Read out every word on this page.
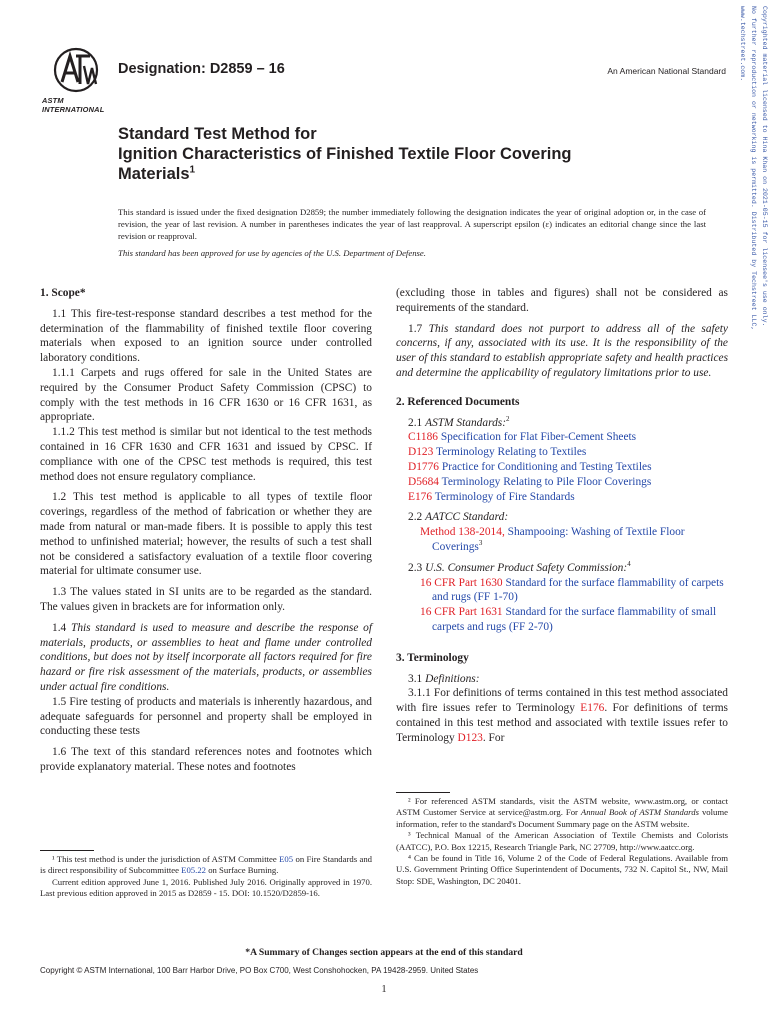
ASTM INTERNATIONAL
Designation: D2859 – 16	An American National Standard
Standard Test Method for
Ignition Characteristics of Finished Textile Floor Covering
Materials$^1$
This standard is issued under the fixed designation D2859; the number immediately following the designation indicates the year of original adoption or, in the case of revision, the year of last revision. A number in parentheses indicates the year of last reapproval. A superscript epsilon (ε) indicates an editorial change since the last revision or reapproval.
This standard has been approved for use by agencies of the U.S. Department of Defense.	Copyrighted material licensed to Hina Khan on 2021-05-15 for licensee's use only.
No further reproduction or networking is permitted. Distributed by Techstreet LLC, www.techstreet.com.

1. Scope*

1.1 This fire-test-response standard describes a test method for the determination of the flammability of finished textile floor covering materials when exposed to an ignition source under controlled laboratory conditions.

1.1.1 Carpets and rugs offered for sale in the United States are required by the Consumer Product Safety Commission (CPSC) to comply with the test methods in 16 CFR 1630 or 16 CFR 1631, as appropriate.

1.1.2 This test method is similar but not identical to the test methods contained in 16 CFR 1630 and CFR 1631 and issued by CPSC. If compliance with one of the CPSC test methods is required, this test method does not ensure regulatory compliance.

1.2 This test method is applicable to all types of textile floor coverings, regardless of the method of fabrication or whether they are made from natural or man-made fibers. It is possible to apply this test method to unfinished material; however, the results of such a test shall not be considered a satisfactory evaluation of a textile floor covering material for ultimate consumer use.

1.3 The values stated in SI units are to be regarded as the standard. The values given in brackets are for information only.

1.4 This standard is used to measure and describe the response of materials, products, or assemblies to heat and flame under controlled conditions, but does not by itself incorporate all factors required for fire hazard or fire risk assessment of the materials, products, or assemblies under actual fire conditions.

1.5 Fire testing of products and materials is inherently hazardous, and adequate safeguards for personnel and property shall be employed in conducting these tests

1.6 The text of this standard references notes and footnotes which provide explanatory material. These notes and footnotes

¹ This test method is under the jurisdiction of ASTM Committee E05 on Fire Standards and is direct responsibility of Subcommittee E05.22 on Surface Burning.

Current edition approved June 1, 2016. Published July 2016. Originally approved in 1970. Last previous edition approved in 2015 as D2859 - 15. DOI: 10.1520/D2859-16.

(excluding those in tables and figures) shall not be considered as requirements of the standard.

1.7 This standard does not purport to address all of the safety concerns, if any, associated with its use. It is the responsibility of the user of this standard to establish appropriate safety and health practices and determine the applicability of regulatory limitations prior to use.

2. Referenced Documents

2.1 ASTM Standards:$^2$

C1186 Specification for Flat Fiber-Cement Sheets

D123 Terminology Relating to Textiles

D1776 Practice for Conditioning and Testing Textiles

D5684 Terminology Relating to Pile Floor Coverings

E176 Terminology of Fire Standards

2.2 AATCC Standard:

Method 138-2014, Shampooing: Washing of Textile Floor Coverings$^3$

2.3 U.S. Consumer Product Safety Commission:$^4$

16 CFR Part 1630 Standard for the surface flammability of carpets and rugs (FF 1-70)

16 CFR Part 1631 Standard for the surface flammability of small carpets and rugs (FF 2-70)

3. Terminology

3.1 Definitions:

3.1.1 For definitions of terms contained in this test method associated with fire issues refer to Terminology E176. For definitions of terms contained in this test method and associated with textile issues refer to Terminology D123. For

² For referenced ASTM standards, visit the ASTM website, www.astm.org, or contact ASTM Customer Service at service@astm.org. For Annual Book of ASTM Standards volume information, refer to the standard's Document Summary page on the ASTM website.

³ Technical Manual of the American Association of Textile Chemists and Colorists (AATCC), P.O. Box 12215, Research Triangle Park, NC 27709, http://www.aatcc.org.

⁴ Can be found in Title 16, Volume 2 of the Code of Federal Regulations. Available from U.S. Government Printing Office Superintendent of Documents, 732 N. Capitol St., NW, Mail Stop: SDE, Washington, DC 20401.

*A Summary of Changes section appears at the end of this standard
Copyright © ASTM International, 100 Barr Harbor Drive, PO Box C700, West Conshohocken, PA 19428-2959. United States
1
